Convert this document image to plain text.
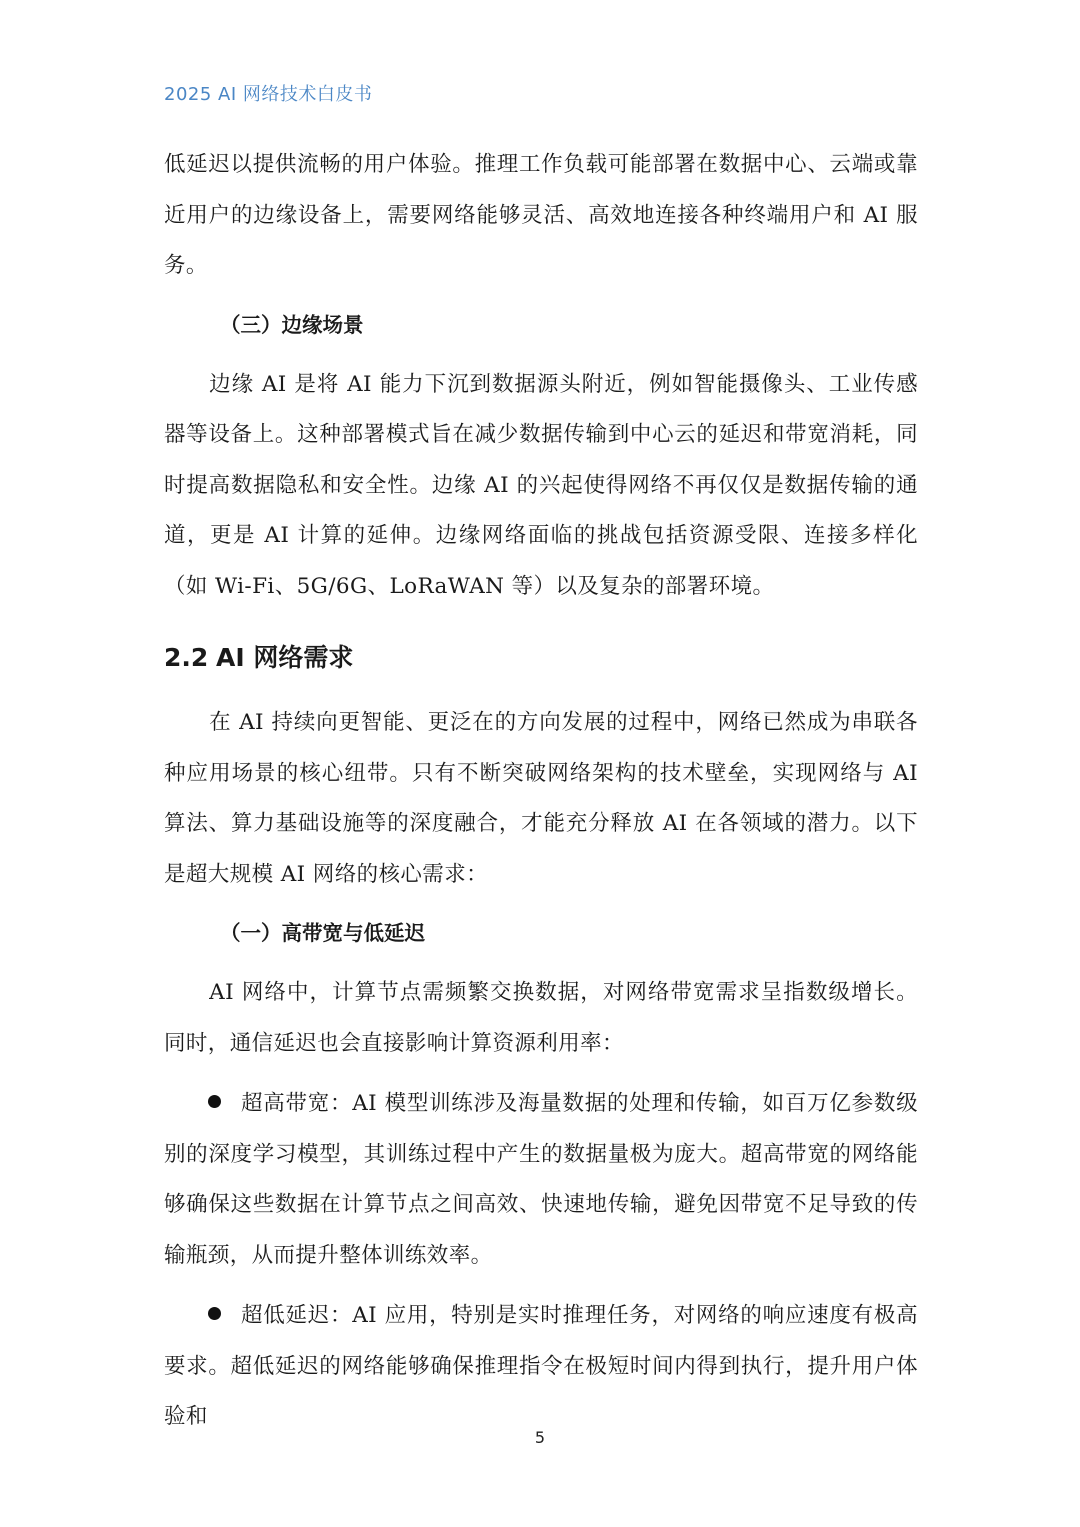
2025 AI 网络技术白皮书

低延迟以提供流畅的用户体验。推理工作负载可能部署在数据中心、云端或靠近用户的边缘设备上，需要网络能够灵活、高效地连接各种终端用户和 AI 服务。

（三）边缘场景

边缘 AI 是将 AI 能力下沉到数据源头附近，例如智能摄像头、工业传感器等设备上。这种部署模式旨在减少数据传输到中心云的延迟和带宽消耗，同时提高数据隐私和安全性。边缘 AI 的兴起使得网络不再仅仅是数据传输的通道，更是 AI 计算的延伸。边缘网络面临的挑战包括资源受限、连接多样化（如 Wi-Fi、5G/6G、LoRaWAN 等）以及复杂的部署环境。

2.2 AI 网络需求

在 AI 持续向更智能、更泛在的方向发展的过程中，网络已然成为串联各种应用场景的核心纽带。只有不断突破网络架构的技术壁垒，实现网络与 AI 算法、算力基础设施等的深度融合，才能充分释放 AI 在各领域的潜力。以下是超大规模 AI 网络的核心需求：

（一）高带宽与低延迟

AI 网络中，计算节点需频繁交换数据，对网络带宽需求呈指数级增长。同时，通信延迟也会直接影响计算资源利用率：

超高带宽：AI 模型训练涉及海量数据的处理和传输，如百万亿参数级别的深度学习模型，其训练过程中产生的数据量极为庞大。超高带宽的网络能够确保这些数据在计算节点之间高效、快速地传输，避免因带宽不足导致的传输瓶颈，从而提升整体训练效率。

超低延迟：AI 应用，特别是实时推理任务，对网络的响应速度有极高要求。超低延迟的网络能够确保推理指令在极短时间内得到执行，提升用户体验和

5
